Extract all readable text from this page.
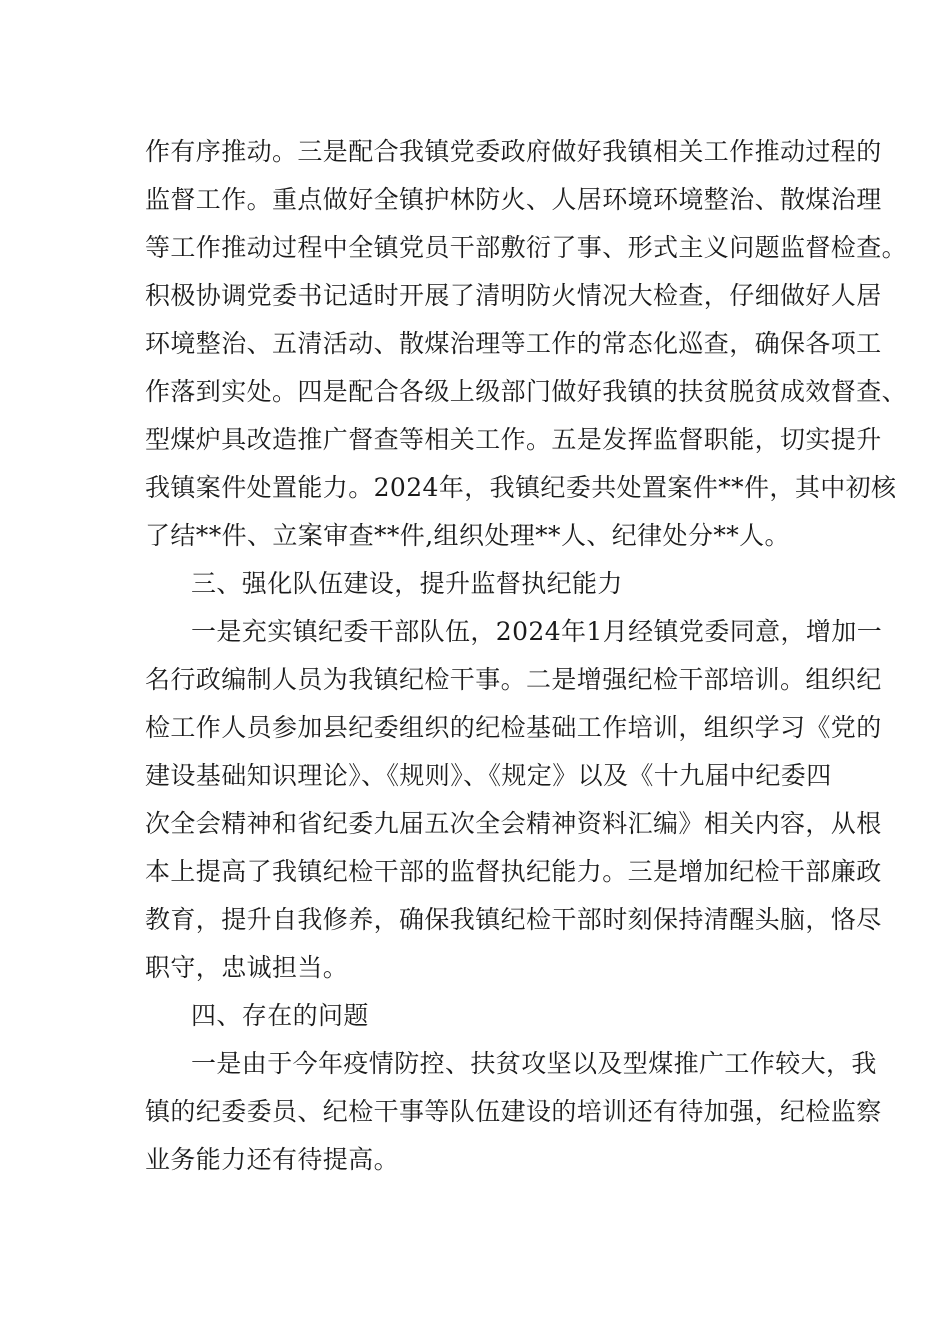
作有序推动。三是配合我镇党委政府做好我镇相关工作推动过程的
监督工作。重点做好全镇护林防火、人居环境环境整治、散煤治理
等工作推动过程中全镇党员干部敷衍了事、形式主义问题监督检查。
积极协调党委书记适时开展了清明防火情况大检查，仔细做好人居
环境整治、五清活动、散煤治理等工作的常态化巡查，确保各项工
作落到实处。四是配合各级上级部门做好我镇的扶贫脱贫成效督查、
型煤炉具改造推广督查等相关工作。五是发挥监督职能，切实提升
我镇案件处置能力。2024年，我镇纪委共处置案件**件，其中初核
了结**件、立案审查**件,组织处理**人、纪律处分**人。
三、强化队伍建设，提升监督执纪能力
一是充实镇纪委干部队伍，2024年1月经镇党委同意，增加一
名行政编制人员为我镇纪检干事。二是增强纪检干部培训。组织纪
检工作人员参加县纪委组织的纪检基础工作培训，组织学习《党的
建设基础知识理论》、《规则》、《规定》以及《十九届中纪委四
次全会精神和省纪委九届五次全会精神资料汇编》相关内容，从根
本上提高了我镇纪检干部的监督执纪能力。三是增加纪检干部廉政
教育，提升自我修养，确保我镇纪检干部时刻保持清醒头脑，恪尽
职守，忠诚担当。
四、存在的问题
一是由于今年疫情防控、扶贫攻坚以及型煤推广工作较大，我
镇的纪委委员、纪检干事等队伍建设的培训还有待加强，纪检监察
业务能力还有待提高。
